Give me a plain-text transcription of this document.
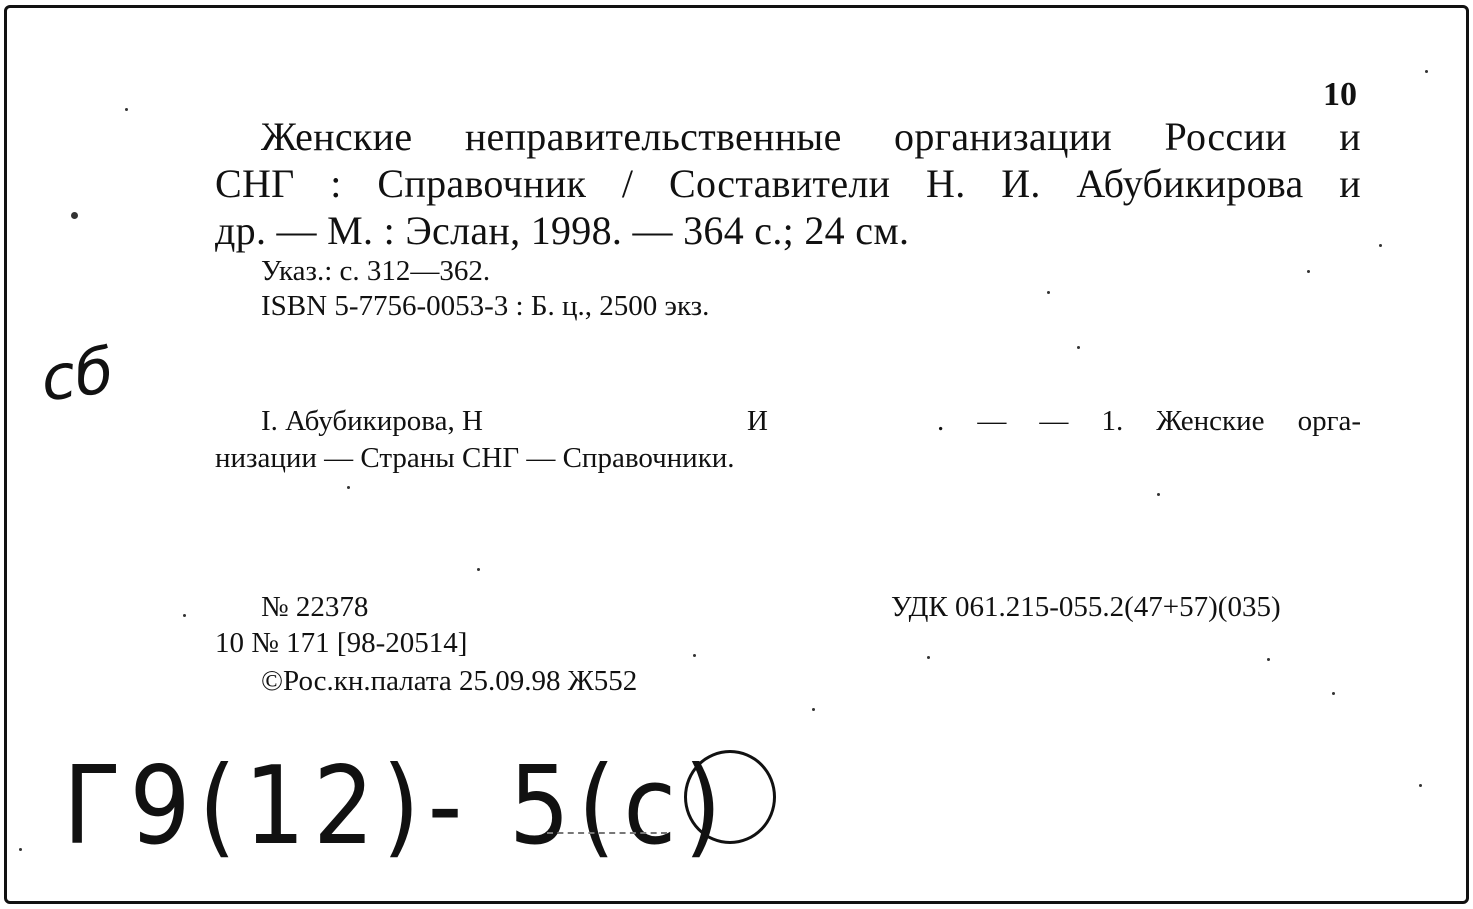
10
Женские неправительственные организации России и
СНГ : Справочник / Составители Н. И. Абубикирова и
др. — М. : Эслан, 1998. — 364 с.; 24 см.
Указ.: с. 312—362.
ISBN 5-7756-0053-3 : Б. ц., 2500 экз.
сб
I. Абубикирова, Н	И	. — — 1. Женские орга-
низации — Страны СНГ — Справочники.
№ 22378	УДК 061.215-055.2(47+57)(035)
10 № 171 [98-20514]
©Рос.кн.палата 25.09.98 Ж552
Г9(12)- 5(с)
